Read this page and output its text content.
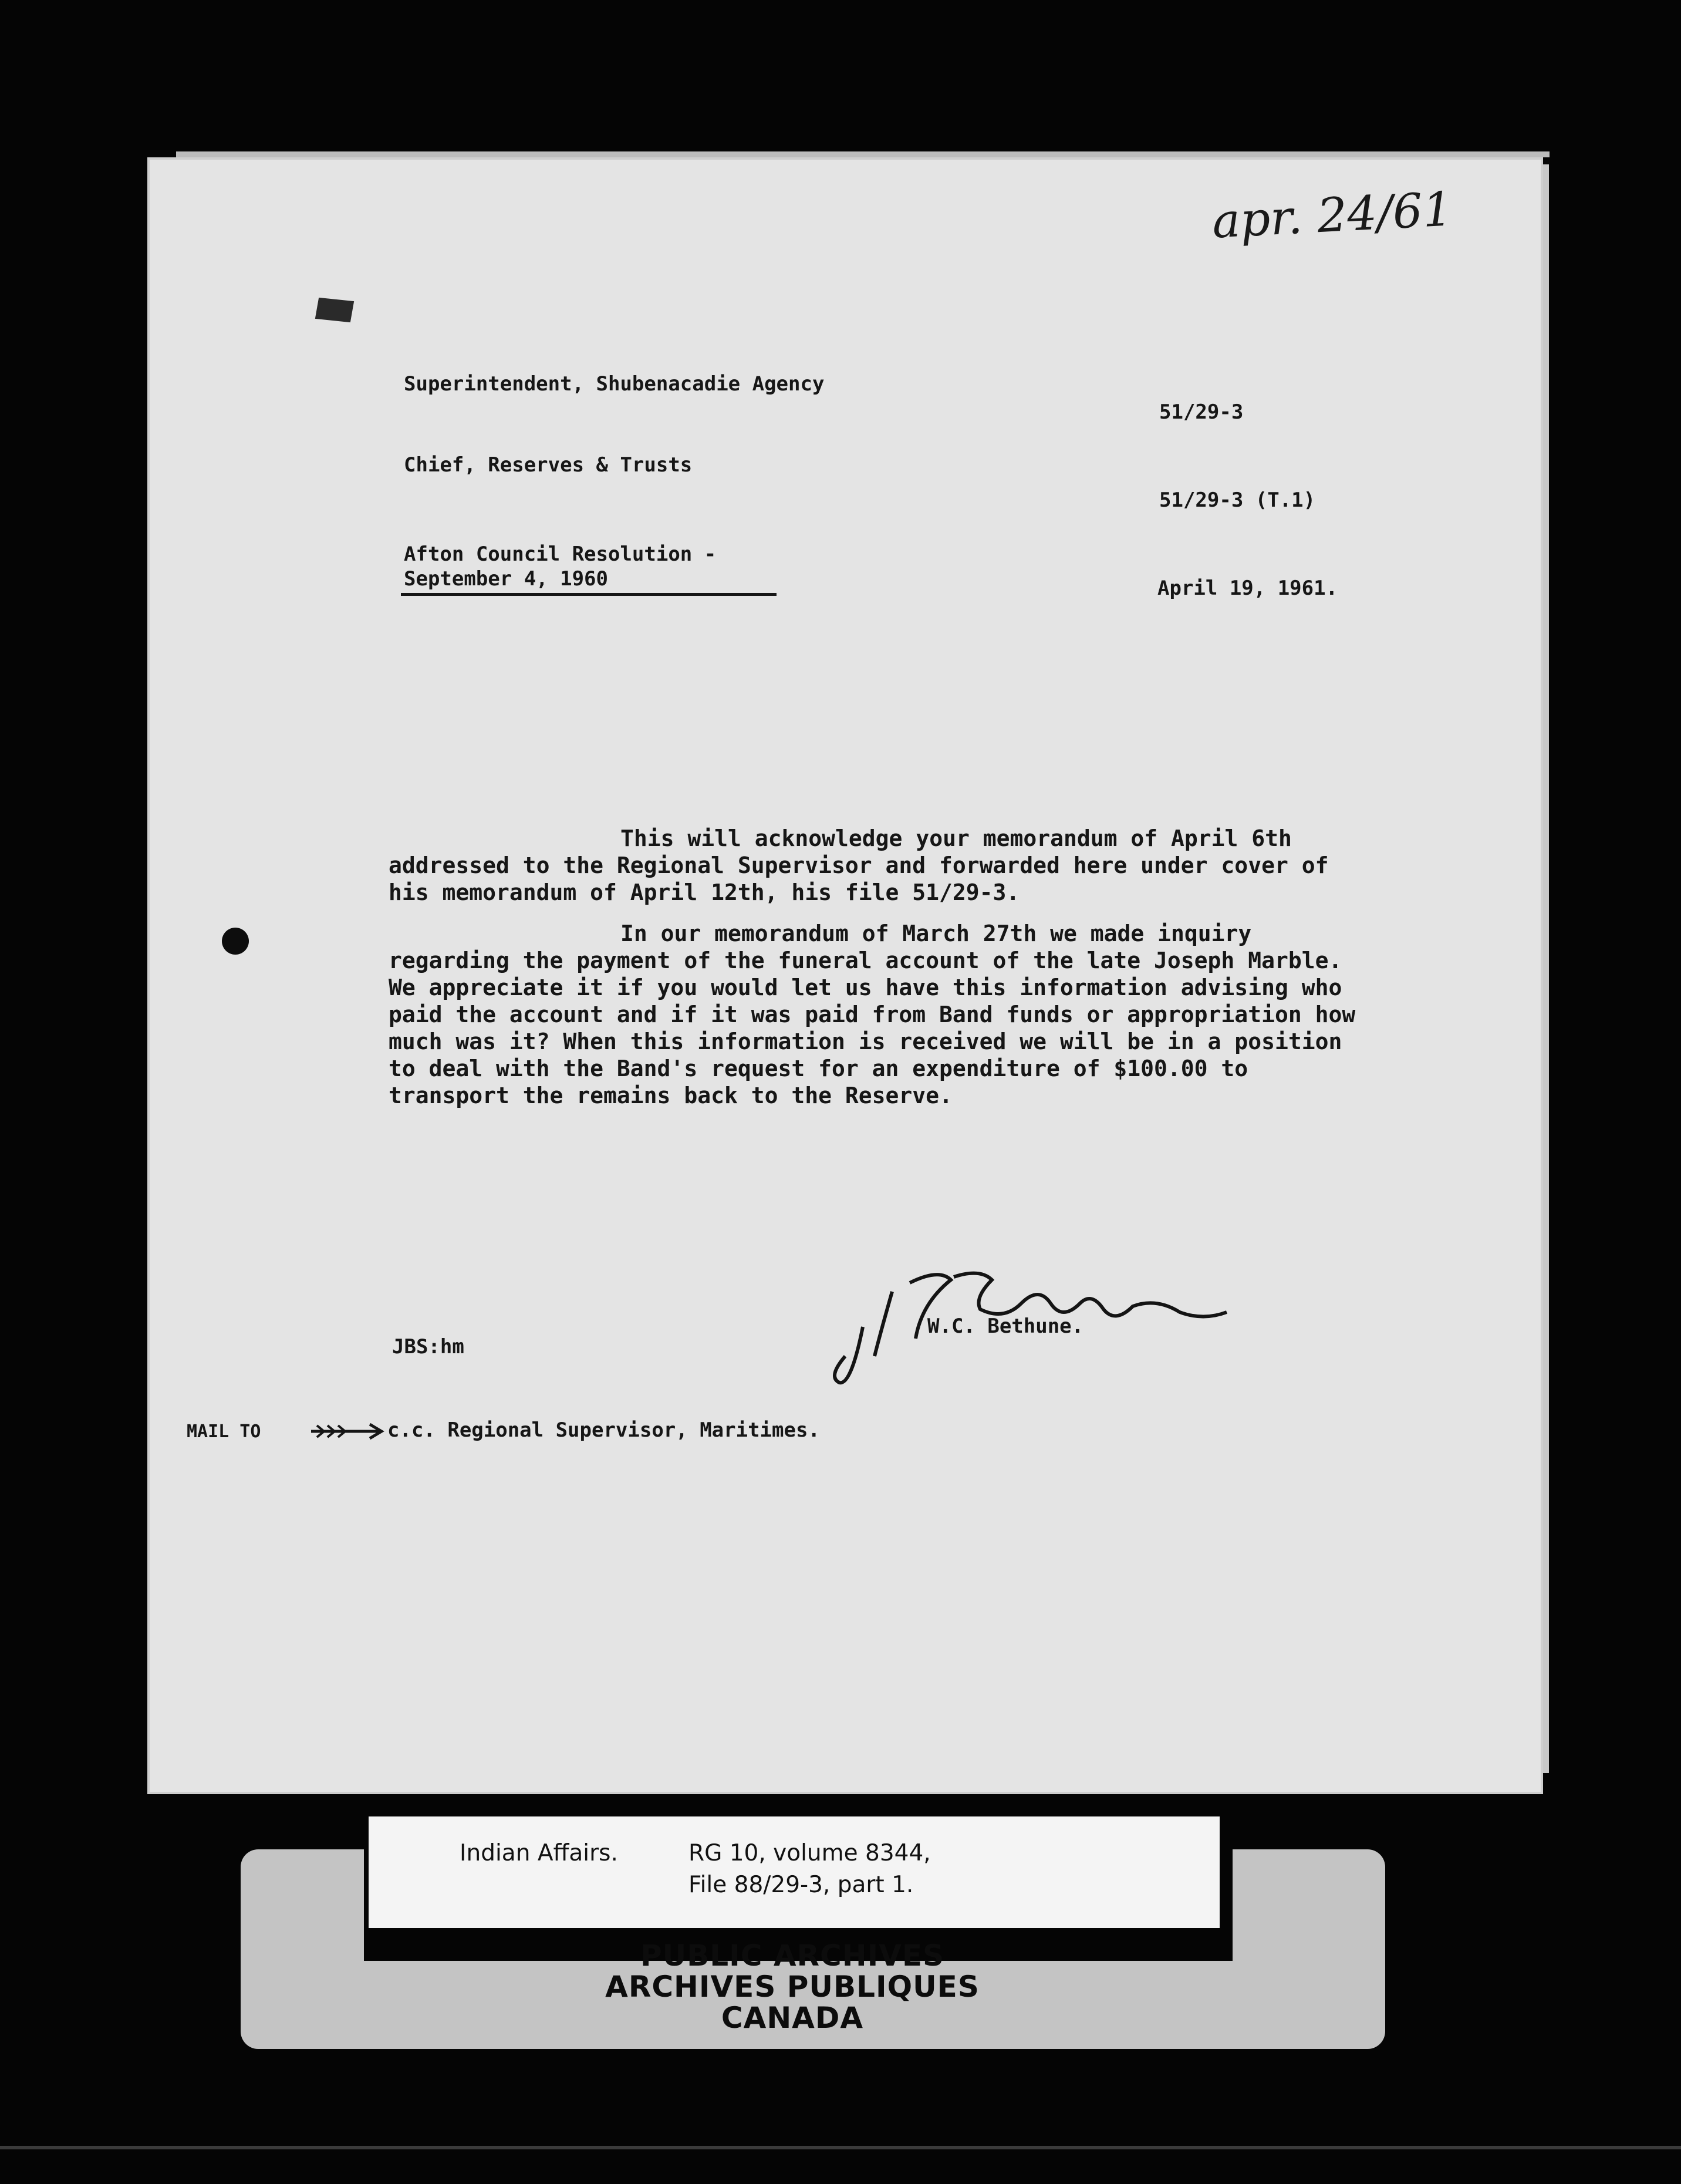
apr. 24/61
Superintendent, Shubenacadie Agency
51/29-3
Chief, Reserves & Trusts
51/29-3 (T.1)
Afton Council Resolution -
September 4, 1960	April 19, 1961.

This will acknowledge your memorandum of April 6th addressed to the Regional Supervisor and forwarded here under cover of his memorandum of April 12th, his file 51/29-3.

In our memorandum of March 27th we made inquiry regarding the payment of the funeral account of the late Joseph Marble. We appreciate it if you would let us have this information advising who paid the account and if it was paid from Band funds or appropriation how much was it? When this information is received we will be in a position to deal with the Band's request for an expenditure of $100.00 to transport the remains back to the Reserve.

W.C. Bethune.
JBS:hm
MAIL TO	c.c. Regional Supervisor, Maritimes.
Indian Affairs.	RG 10, volume 8344,
File 88/29-3, part 1.
PUBLIC ARCHIVES
ARCHIVES PUBLIQUES
CANADA
